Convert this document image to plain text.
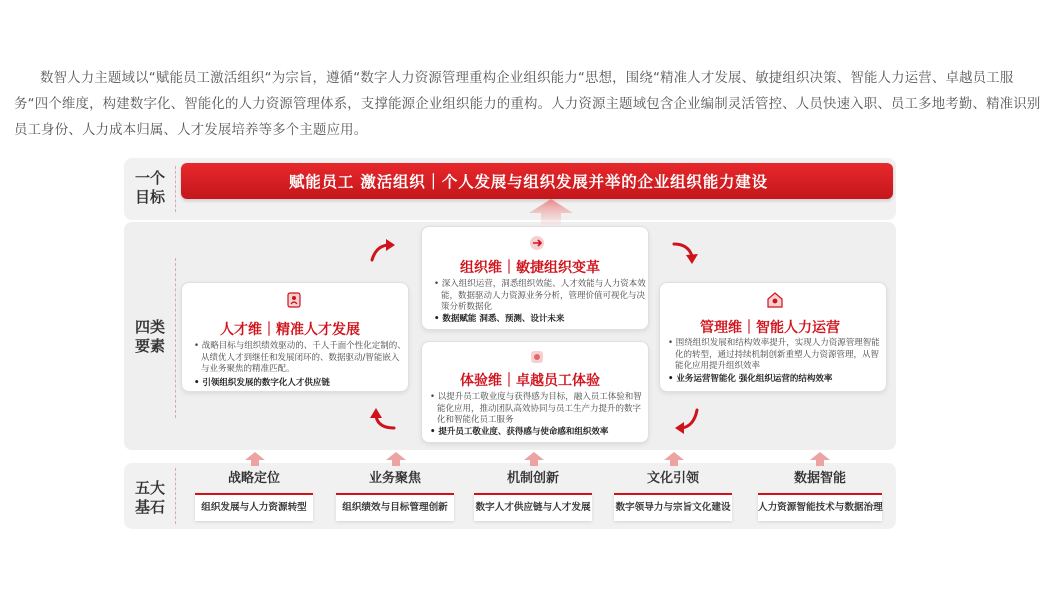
数智人力主题域以“赋能员工激活组织“为宗旨，遵循“数字人力资源管理重构企业组织能力“思想，围绕“精准人才发展、敏捷组织决策、智能人力运营、卓越员工服务“四个维度，构建数字化、智能化的人力资源管理体系，支撑能源企业组织能力的重构。人力资源主题域包含企业编制灵活管控、人员快速入职、员工多地考勤、精准识别员工身份、人力成本归属、人才发展培养等多个主题应用。

一个
目标
四类
要素
五大
基石
赋能员工 激活组织｜个人发展与组织发展并举的企业组织能力建设
人才维｜精准人才发展
• 战略目标与组织绩效驱动的、千人千面个性化定制的、从绩优人才到继任和发展闭环的、数据驱动/智能嵌入与业务聚焦的精准匹配。
• 引领组织发展的数字化人才供应链
组织维｜敏捷组织变革
• 深入组织运营，洞悉组织效能、人才效能与人力资本效能，数据驱动人力资源业务分析，管理价值可视化与决策分析数据化
• 数据赋能 洞悉、预测、设计未来
管理维｜智能人力运营
• 围绕组织发展和结构效率提升，实现人力资源管理智能化的转型，通过持续机制创新重塑人力资源管理，从智能化应用提升组织效率
• 业务运营智能化 强化组织运营的结构效率
体验维｜卓越员工体验
• 以提升员工敬业度与获得感为目标，融入员工体验和智能化应用，推动团队高效协同与员工生产力提升的数字化和智能化员工服务
• 提升员工敬业度、获得感与使命感和组织效率
战略定位
组织发展与人力资源转型
业务聚焦
组织绩效与目标管理创新
机制创新
数字人才供应链与人才发展
文化引领
数字领导力与宗旨文化建设
数据智能
人力资源智能技术与数据治理
